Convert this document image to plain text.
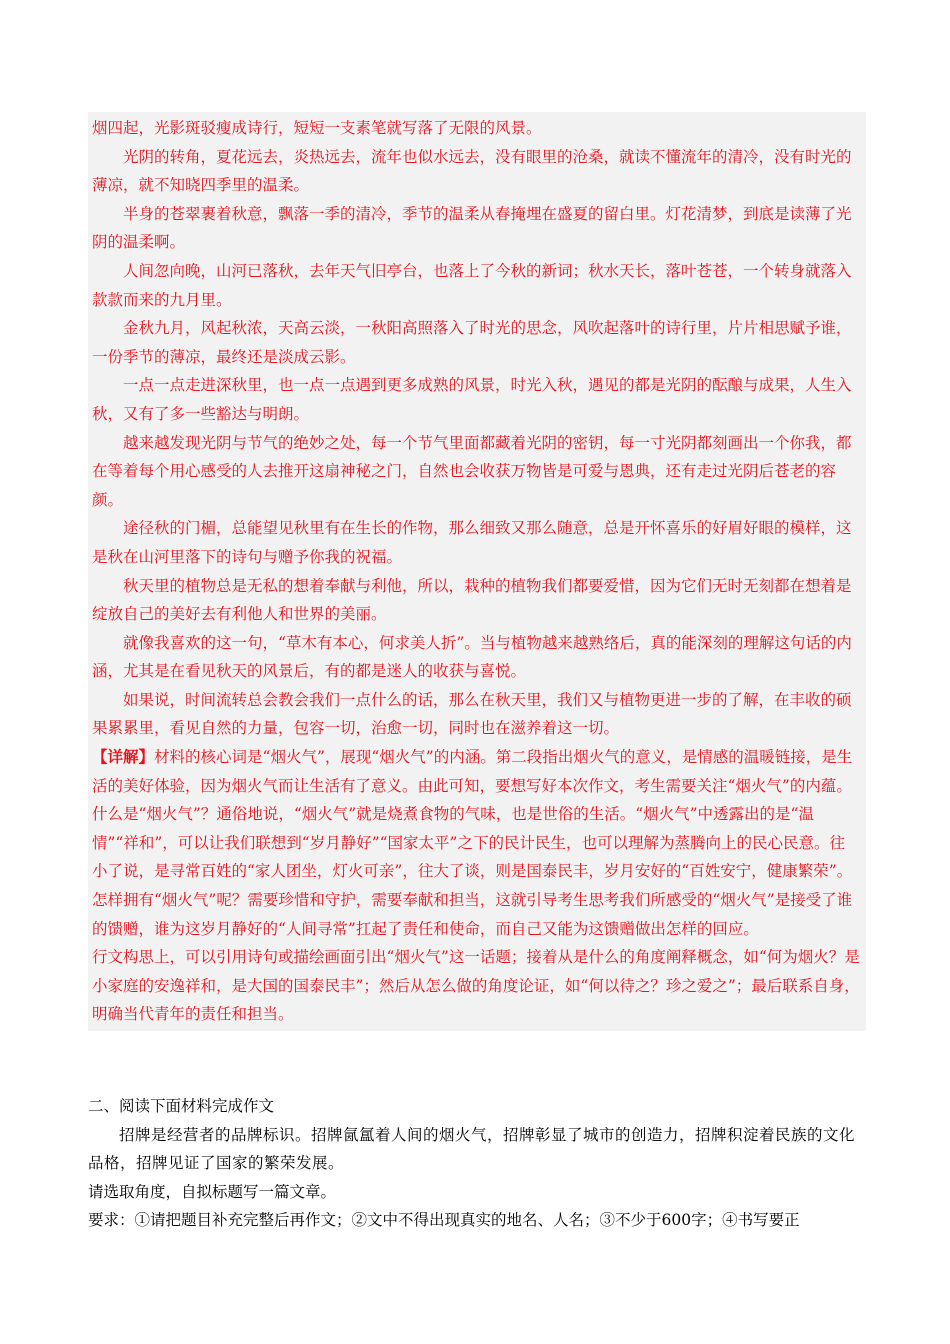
烟四起，光影斑驳瘦成诗行，短短一支素笔就写落了无限的风景。

光阴的转角，夏花远去，炎热远去，流年也似水远去，没有眼里的沧桑，就读不懂流年的清冷，没有时光的薄凉，就不知晓四季里的温柔。

半身的苍翠裹着秋意，飘落一季的清冷，季节的温柔从春掩埋在盛夏的留白里。灯花清梦，到底是读薄了光阴的温柔啊。

人间忽向晚，山河已落秋，去年天气旧亭台，也落上了今秋的新词；秋水天长，落叶苍苍，一个转身就落入款款而来的九月里。

金秋九月，风起秋浓，天高云淡，一秋阳高照落入了时光的思念，风吹起落叶的诗行里，片片相思赋予谁，一份季节的薄凉，最终还是淡成云影。

一点一点走进深秋里，也一点一点遇到更多成熟的风景，时光入秋，遇见的都是光阴的酝酿与成果，人生入秋，又有了多一些豁达与明朗。

越来越发现光阴与节气的绝妙之处，每一个节气里面都藏着光阴的密钥，每一寸光阴都刻画出一个你我，都在等着每个用心感受的人去推开这扇神秘之门，自然也会收获万物皆是可爱与恩典，还有走过光阴后苍老的容颜。

途径秋的门楣，总能望见秋里有在生长的作物，那么细致又那么随意，总是开怀喜乐的好眉好眼的模样，这是秋在山河里落下的诗句与赠予你我的祝福。

秋天里的植物总是无私的想着奉献与利他，所以，栽种的植物我们都要爱惜，因为它们无时无刻都在想着是绽放自己的美好去有利他人和世界的美丽。

就像我喜欢的这一句，“草木有本心，何求美人折”。当与植物越来越熟络后，真的能深刻的理解这句话的内涵，尤其是在看见秋天的风景后，有的都是迷人的收获与喜悦。

如果说，时间流转总会教会我们一点什么的话，那么在秋天里，我们又与植物更进一步的了解，在丰收的硕果累累里，看见自然的力量，包容一切，治愈一切，同时也在滋养着这一切。

【详解】材料的核心词是“烟火气”，展现“烟火气”的内涵。第二段指出烟火气的意义，是情感的温暖链接，是生活的美好体验，因为烟火气而让生活有了意义。由此可知，要想写好本次作文，考生需要关注“烟火气”的内蕴。

什么是“烟火气”？通俗地说，“烟火气”就是烧煮食物的气味，也是世俗的生活。“烟火气”中透露出的是“温情”“祥和”，可以让我们联想到“岁月静好”“国家太平”之下的民计民生，也可以理解为蒸腾向上的民心民意。往小了说，是寻常百姓的“家人团坐，灯火可亲”，往大了谈，则是国泰民丰，岁月安好的“百姓安宁，健康繁荣”。怎样拥有“烟火气”呢？需要珍惜和守护，需要奉献和担当，这就引导考生思考我们所感受的“烟火气”是接受了谁的馈赠，谁为这岁月静好的“人间寻常”扛起了责任和使命，而自己又能为这馈赠做出怎样的回应。

行文构思上，可以引用诗句或描绘画面引出“烟火气”这一话题；接着从是什么的角度阐释概念，如“何为烟火？是小家庭的安逸祥和，是大国的国泰民丰”；然后从怎么做的角度论证，如“何以待之？珍之爱之”；最后联系自身，明确当代青年的责任和担当。

二、阅读下面材料完成作文

招牌是经营者的品牌标识。招牌氤氲着人间的烟火气，招牌彰显了城市的创造力，招牌积淀着民族的文化品格，招牌见证了国家的繁荣发展。

请选取角度，自拟标题写一篇文章。

要求：①请把题目补充完整后再作文；②文中不得出现真实的地名、人名；③不少于600字；④书写要正
